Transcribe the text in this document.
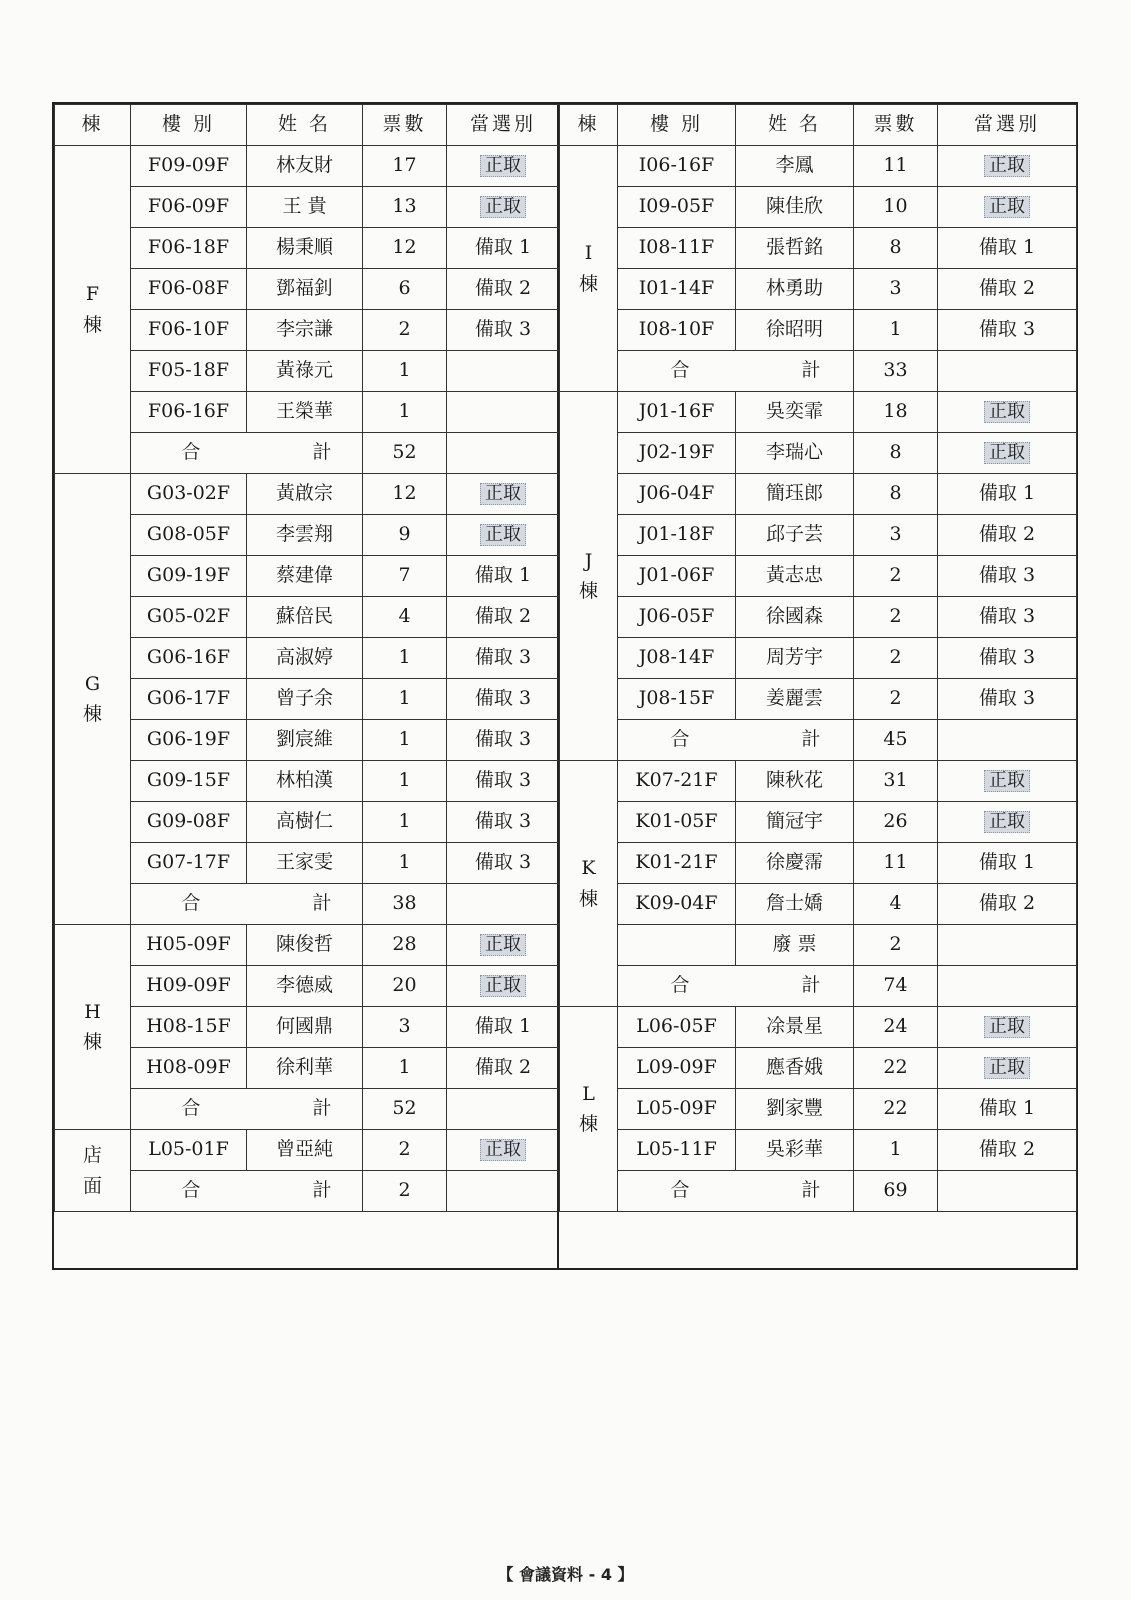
棟	樓 別	姓 名	票數	當選別

F
棟	F09-09F	林友財	17	正取
	F06-09F	王 貴	13	正取
	F06-18F	楊秉順	12	備取 1
	F06-08F	鄧福釗	6	備取 2
	F06-10F	李宗謙	2	備取 3
	F05-18F	黃祿元	1	
	F06-16F	王榮華	1	
	合 計		52	

G
棟	G03-02F	黃啟宗	12	正取
	G08-05F	李雲翔	9	正取
	G09-19F	蔡建偉	7	備取 1
	G05-02F	蘇倍民	4	備取 2
	G06-16F	高淑婷	1	備取 3
	G06-17F	曾子余	1	備取 3
	G06-19F	劉宸維	1	備取 3
	G09-15F	林柏漢	1	備取 3
	G09-08F	高樹仁	1	備取 3
	G07-17F	王家雯	1	備取 3
	合 計		38	

H
棟	H05-09F	陳俊哲	28	正取
	H09-09F	李德威	20	正取
	H08-15F	何國鼎	3	備取 1
	H08-09F	徐利華	1	備取 2
	合 計		52	

店
面	L05-01F	曾亞純	2	正取
	合 計		2	
棟	樓 別	姓 名	票數	當選別

I
棟	I06-16F	李鳳	11	正取
	I09-05F	陳佳欣	10	正取
	I08-11F	張哲銘	8	備取 1
	I01-14F	林勇助	3	備取 2
	I08-10F	徐昭明	1	備取 3
	合 計		33	

J
棟	J01-16F	吳奕霏	18	正取
	J02-19F	李瑞心	8	正取
	J06-04F	簡珏郎	8	備取 1
	J01-18F	邱子芸	3	備取 2
	J01-06F	黃志忠	2	備取 3
	J06-05F	徐國森	2	備取 3
	J08-14F	周芳宇	2	備取 3
	J08-15F	姜麗雲	2	備取 3
	合 計		45	

K
棟	K07-21F	陳秋花	31	正取
	K01-05F	簡冠宇	26	正取
	K01-21F	徐慶霈	11	備取 1
	K09-04F	詹士嬌	4	備取 2
		廢 票	2	
	合 計		74	

L
棟	L06-05F	凃景星	24	正取
	L09-09F	應香娥	22	正取
	L05-09F	劉家豐	22	備取 1
	L05-11F	吳彩華	1	備取 2
	合 計		69	
【 會議資料 - 4 】
